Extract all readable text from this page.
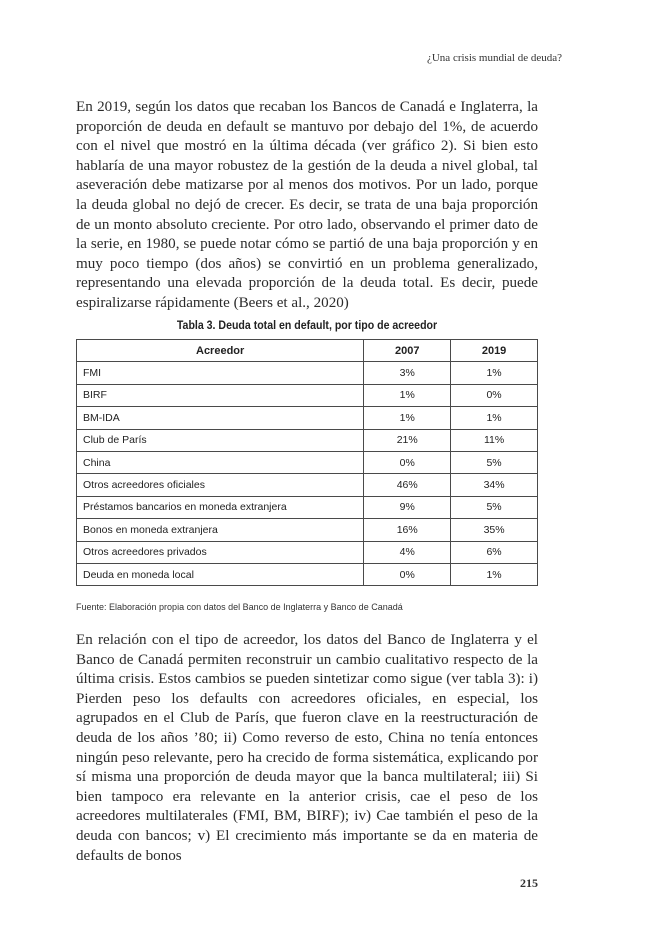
¿Una crisis mundial de deuda?

En 2019, según los datos que recaban los Bancos de Canadá e Inglaterra, la proporción de deuda en default se mantuvo por debajo del 1%, de acuerdo con el nivel que mostró en la última década (ver gráfico 2). Si bien esto hablaría de una mayor robustez de la gestión de la deuda a nivel global, tal aseveración debe matizarse por al menos dos motivos. Por un lado, porque la deuda global no dejó de crecer. Es decir, se trata de una baja proporción de un monto absoluto creciente. Por otro lado, observando el primer dato de la serie, en 1980, se puede notar cómo se partió de una baja proporción y en muy poco tiempo (dos años) se convirtió en un problema generalizado, representando una elevada proporción de la deuda total. Es decir, puede espiralizarse rápidamente (Beers et al., 2020)

Tabla 3. Deuda total en default, por tipo de acreedor
Acreedor	2007	2019
FMI	3%	1%
BIRF	1%	0%
BM-IDA	1%	1%
Club de París	21%	11%
China	0%	5%
Otros acreedores oficiales	46%	34%
Préstamos bancarios en moneda extranjera	9%	5%
Bonos en moneda extranjera	16%	35%
Otros acreedores privados	4%	6%
Deuda en moneda local	0%	1%
Fuente: Elaboración propia con datos del Banco de Inglaterra y Banco de Canadá

En relación con el tipo de acreedor, los datos del Banco de Inglaterra y el Banco de Canadá permiten reconstruir un cambio cualitativo respecto de la última crisis. Estos cambios se pueden sintetizar como sigue (ver tabla 3): i) Pierden peso los defaults con acreedores oficiales, en especial, los agrupados en el Club de París, que fueron clave en la reestructuración de deuda de los años ’80; ii) Como reverso de esto, China no tenía entonces ningún peso relevante, pero ha crecido de forma sistemática, explicando por sí misma una proporción de deuda mayor que la banca multilateral; iii) Si bien tampoco era relevante en la anterior crisis, cae el peso de los acreedores multilaterales (FMI, BM, BIRF); iv) Cae también el peso de la deuda con bancos; v) El crecimiento más importante se da en materia de defaults de bonos

215
